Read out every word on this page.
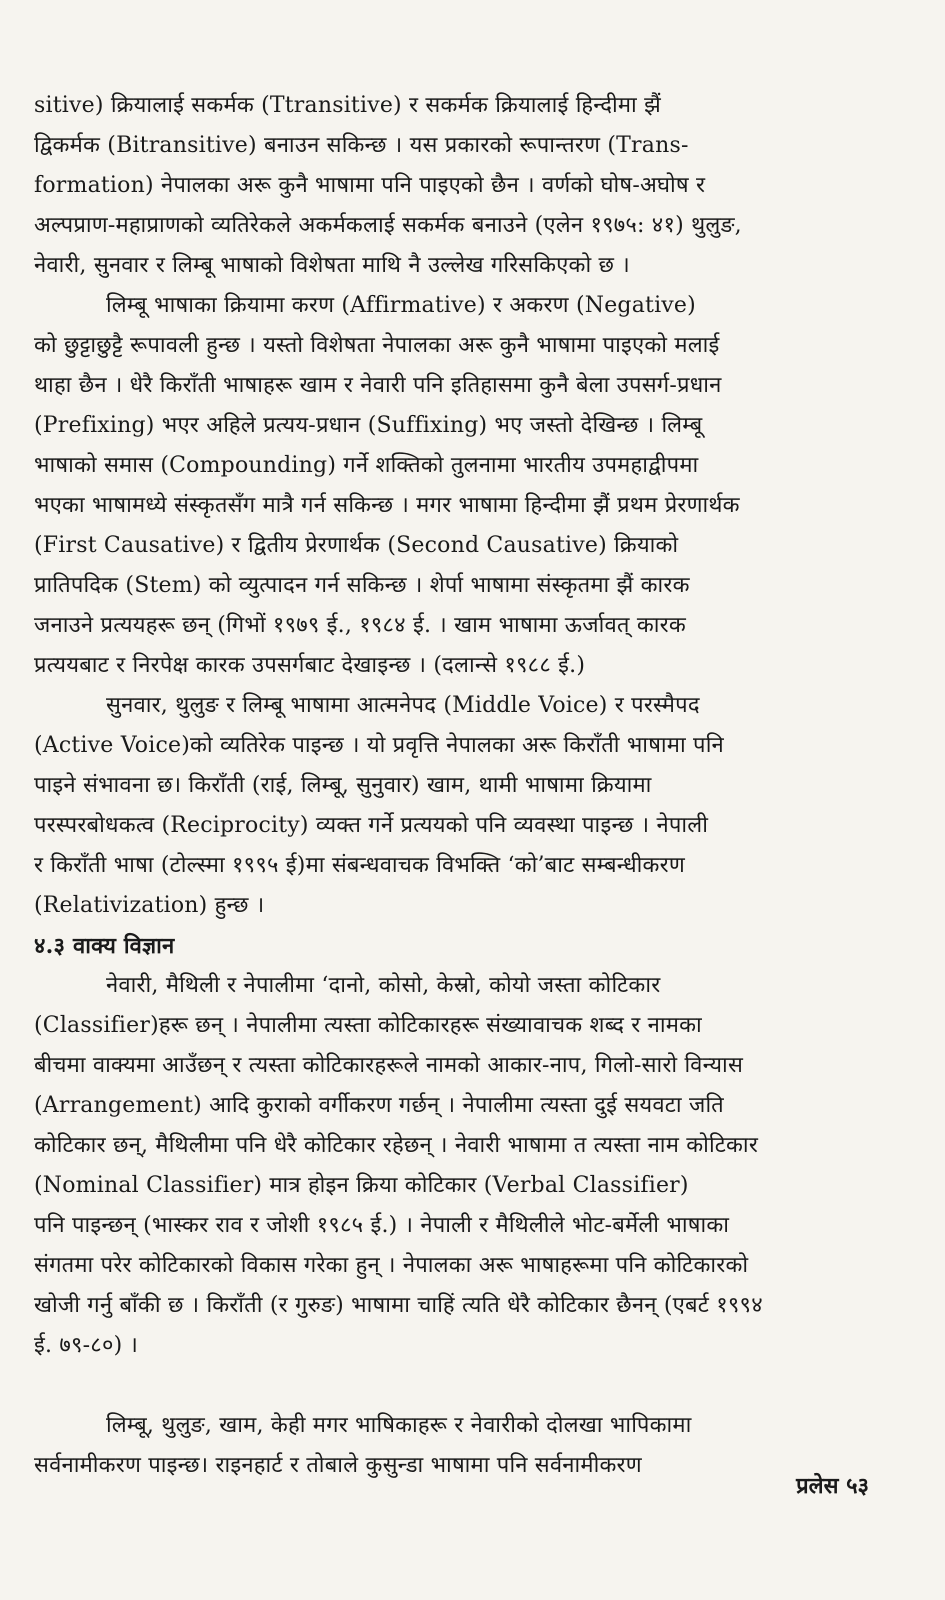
sitive) क्रियालाई सकर्मक (Ttransitive) र सकर्मक क्रियालाई हिन्दीमा झैं
द्विकर्मक (Bitransitive) बनाउन सकिन्छ । यस प्रकारको रूपान्तरण (Trans-
formation) नेपालका अरू कुनै भाषामा पनि पाइएको छैन । वर्णको घोष-अघोष र
अल्पप्राण-महाप्राणको व्यतिरेकले अकर्मकलाई सकर्मक बनाउने (एलेन १९७५: ४१) थुलुङ,
नेवारी, सुनवार र लिम्बू भाषाको विशेषता माथि नै उल्लेख गरिसकिएको छ ।
लिम्बू भाषाका क्रियामा करण (Affirmative) र अकरण (Negative)
को छुट्टाछुट्टै रूपावली हुन्छ । यस्तो विशेषता नेपालका अरू कुनै भाषामा पाइएको मलाई
थाहा छैन । धेरै किराँती भाषाहरू खाम र नेवारी पनि इतिहासमा कुनै बेला उपसर्ग-प्रधान
(Prefixing) भएर अहिले प्रत्यय-प्रधान (Suffixing) भए जस्तो देखिन्छ । लिम्बू
भाषाको समास (Compounding) गर्ने शक्तिको तुलनामा भारतीय उपमहाद्वीपमा
भएका भाषामध्ये संस्कृतसँग मात्रै गर्न सकिन्छ । मगर भाषामा हिन्दीमा झैं प्रथम प्रेरणार्थक
(First Causative) र द्वितीय प्रेरणार्थक (Second Causative) क्रियाको
प्रातिपदिक (Stem) को व्युत्पादन गर्न सकिन्छ । शेर्पा भाषामा संस्कृतमा झैं कारक
जनाउने प्रत्ययहरू छन् (गिभों १९७९ ई., १९८४ ई. । खाम भाषामा ऊर्जावत् कारक
प्रत्ययबाट र निरपेक्ष कारक उपसर्गबाट देखाइन्छ । (दलान्से १९८८ ई.)
सुनवार, थुलुङ र लिम्बू भाषामा आत्मनेपद (Middle Voice) र परस्मैपद
(Active Voice)को व्यतिरेक पाइन्छ । यो प्रवृत्ति नेपालका अरू किराँती भाषामा पनि
पाइने संभावना छ। किराँती (राई, लिम्बू, सुनुवार) खाम, थामी भाषामा क्रियामा
परस्परबोधकत्व (Reciprocity) व्यक्त गर्ने प्रत्ययको पनि व्यवस्था पाइन्छ । नेपाली
र किराँती भाषा (टोल्स्मा १९९५ ई)मा संबन्धवाचक विभक्ति ‘को’बाट सम्बन्धीकरण
(Relativization) हुन्छ ।
४.३ वाक्य विज्ञान
नेवारी, मैथिली र नेपालीमा ‘दानो, कोसो, केस्रो, कोयो जस्ता कोटिकार
(Classifier)हरू छन् । नेपालीमा त्यस्ता कोटिकारहरू संख्यावाचक शब्द र नामका
बीचमा वाक्यमा आउँछन् र त्यस्ता कोटिकारहरूले नामको आकार-नाप, गिलो-सारो विन्यास
(Arrangement) आदि कुराको वर्गीकरण गर्छन् । नेपालीमा त्यस्ता दुई सयवटा जति
कोटिकार छन्, मैथिलीमा पनि धेरै कोटिकार रहेछन् । नेवारी भाषामा त त्यस्ता नाम कोटिकार
(Nominal Classifier) मात्र होइन क्रिया कोटिकार (Verbal Classifier)
पनि पाइन्छन् (भास्कर राव र जोशी १९८५ ई.) । नेपाली र मैथिलीले भोट-बर्मेली भाषाका
संगतमा परेर कोटिकारको विकास गरेका हुन् । नेपालका अरू भाषाहरूमा पनि कोटिकारको
खोजी गर्नु बाँकी छ । किराँती (र गुरुङ) भाषामा चाहिं त्यति धेरै कोटिकार छैनन् (एबर्ट १९९४
ई. ७९-८०) ।
लिम्बू, थुलुङ, खाम, केही मगर भाषिकाहरू र नेवारीको दोलखा भापिकामा
सर्वनामीकरण पाइन्छ। राइनहार्ट र तोबाले कुसुन्डा भाषामा पनि सर्वनामीकरण
प्रलेस ५३
